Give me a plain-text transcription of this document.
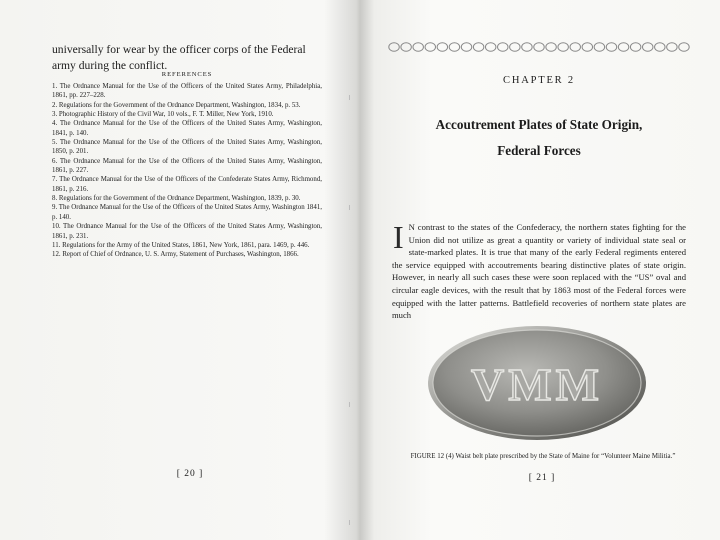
universally for wear by the officer corps of the Federal army during the conflict.

REFERENCES

1. The Ordnance Manual for the Use of the Officers of the United States Army, Philadelphia, 1861, pp. 227–228.
2. Regulations for the Government of the Ordnance Department, Washington, 1834, p. 53.
3. Photographic History of the Civil War, 10 vols., F. T. Miller, New York, 1910.
4. The Ordnance Manual for the Use of the Officers of the United States Army, Washington, 1841, p. 140.
5. The Ordnance Manual for the Use of the Officers of the United States Army, Washington, 1850, p. 201.
6. The Ordnance Manual for the Use of the Officers of the United States Army, Washington, 1861, p. 227.
7. The Ordnance Manual for the Use of the Officers of the Confederate States Army, Richmond, 1861, p. 216.
8. Regulations for the Government of the Ordnance Department, Washington, 1839, p. 30.
9. The Ordnance Manual for the Use of the Officers of the United States Army, Washington 1841, p. 140.
10. The Ordnance Manual for the Use of the Officers of the United States Army, Washington, 1861, p. 231.
11. Regulations for the Army of the United States, 1861, New York, 1861, para. 1469, p. 446.
12. Report of Chief of Ordnance, U. S. Army, Statement of Purchases, Washington, 1866.
[ 20 ]

CHAPTER 2

Accoutrement Plates of State Origin,
Federal Forces

I N contrast to the states of the Confederacy, the northern states fighting for the Union did not utilize as great a quantity or variety of individual state seal or state-marked plates. It is true that many of the early Federal regiments entered the service equipped with accoutrements bearing distinctive plates of state origin. However, in nearly all such cases these were soon replaced with the “US” oval and circular eagle devices, with the result that by 1863 most of the Federal forces were equipped with the latter patterns. Battlefield recoveries of northern state plates are much

VMM

FIGURE 12 (4) Waist belt plate prescribed by the State of Maine for “Volunteer Maine Militia.”

[ 21 ]
